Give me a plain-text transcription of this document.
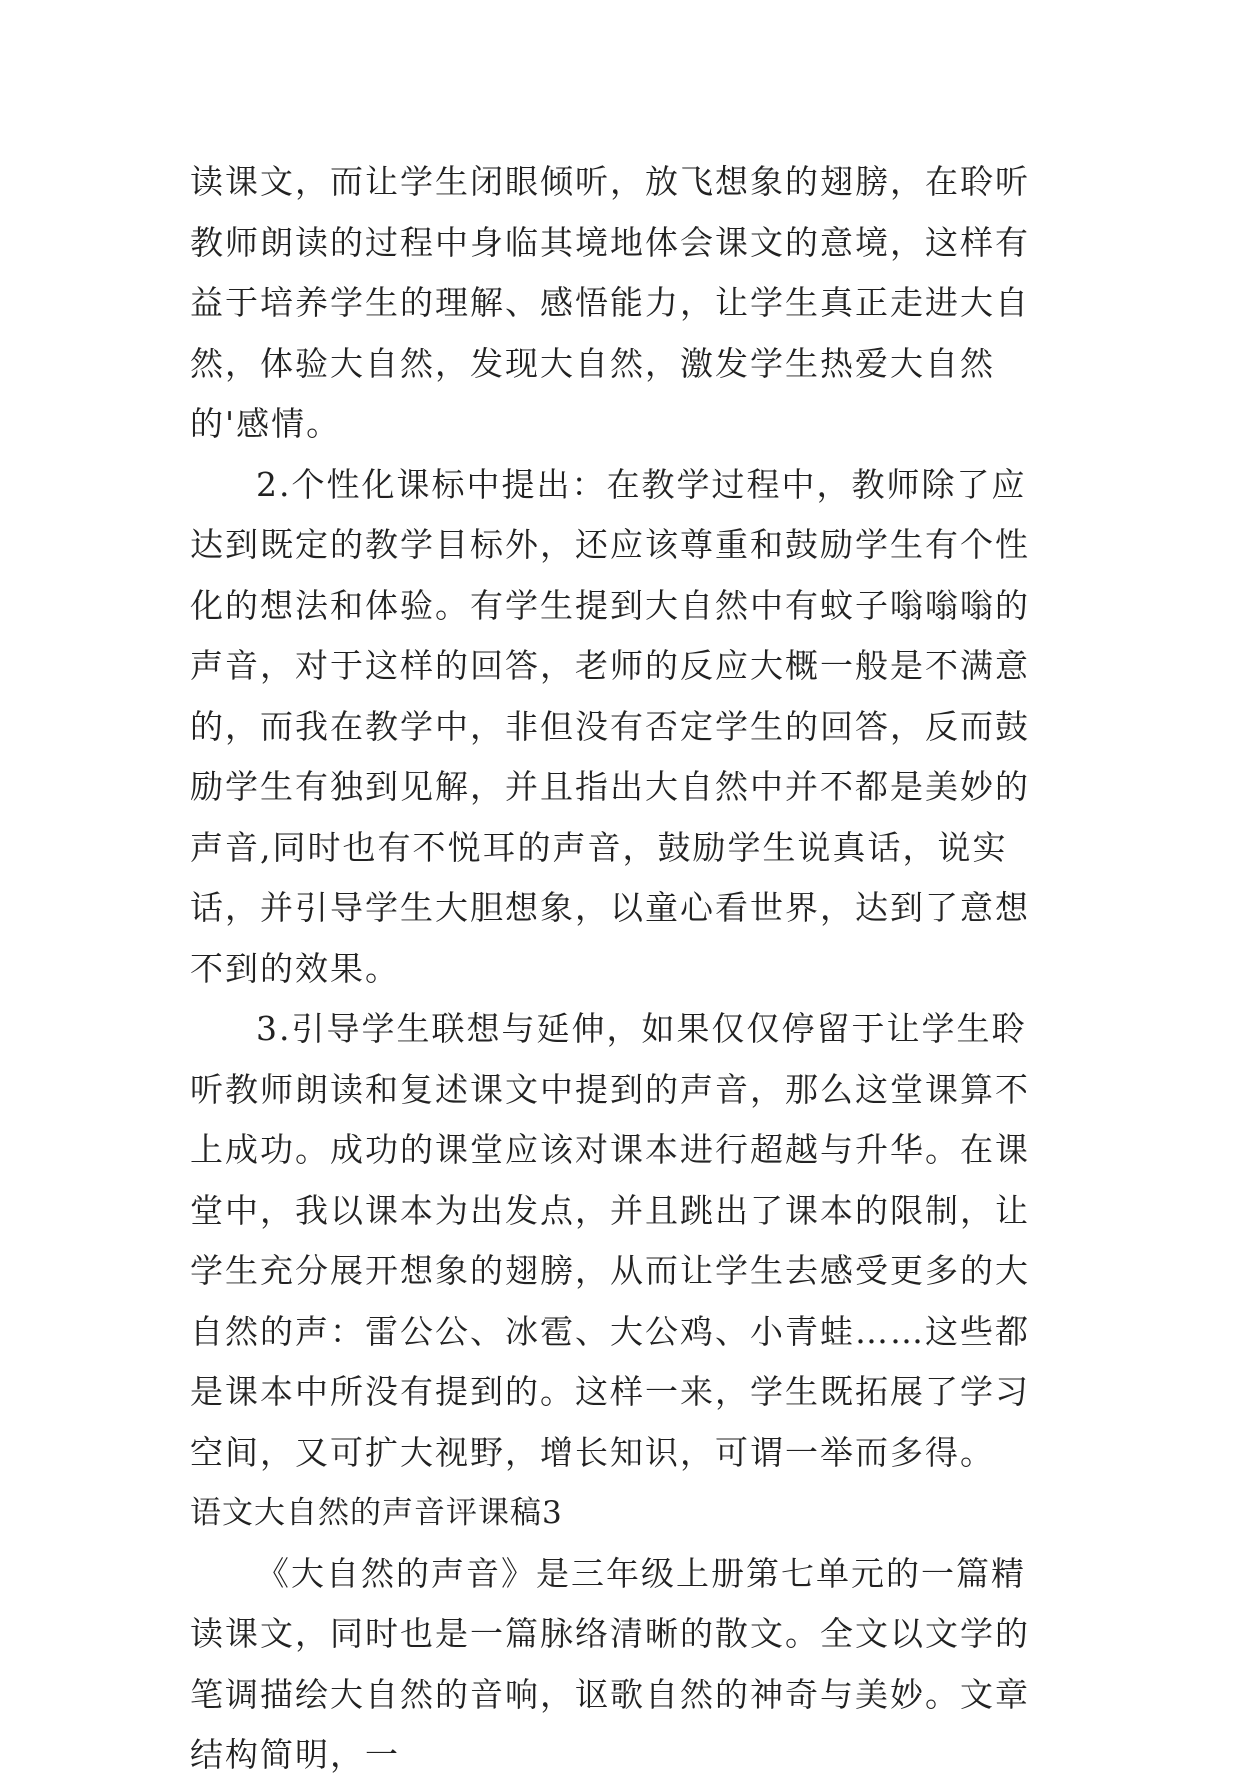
读课文，而让学生闭眼倾听，放飞想象的翅膀，在聆听教师朗读的过程中身临其境地体会课文的意境，这样有益于培养学生的理解、感悟能力，让学生真正走进大自然，体验大自然，发现大自然，激发学生热爱大自然的'感情。

2.个性化课标中提出：在教学过程中，教师除了应达到既定的教学目标外，还应该尊重和鼓励学生有个性化的想法和体验。有学生提到大自然中有蚊子嗡嗡嗡的声音，对于这样的回答，老师的反应大概一般是不满意的，而我在教学中，非但没有否定学生的回答，反而鼓励学生有独到见解，并且指出大自然中并不都是美妙的声音,同时也有不悦耳的声音，鼓励学生说真话，说实话，并引导学生大胆想象，以童心看世界，达到了意想不到的效果。

3.引导学生联想与延伸，如果仅仅停留于让学生聆听教师朗读和复述课文中提到的声音，那么这堂课算不上成功。成功的课堂应该对课本进行超越与升华。在课堂中，我以课本为出发点，并且跳出了课本的限制，让学生充分展开想象的翅膀，从而让学生去感受更多的大自然的声：雷公公、冰雹、大公鸡、小青蛙……这些都是课本中所没有提到的。这样一来，学生既拓展了学习空间，又可扩大视野，增长知识，可谓一举而多得。

语文大自然的声音评课稿3

《大自然的声音》是三年级上册第七单元的一篇精读课文，同时也是一篇脉络清晰的散文。全文以文学的笔调描绘大自然的音响，讴歌自然的神奇与美妙。文章结构简明，一
